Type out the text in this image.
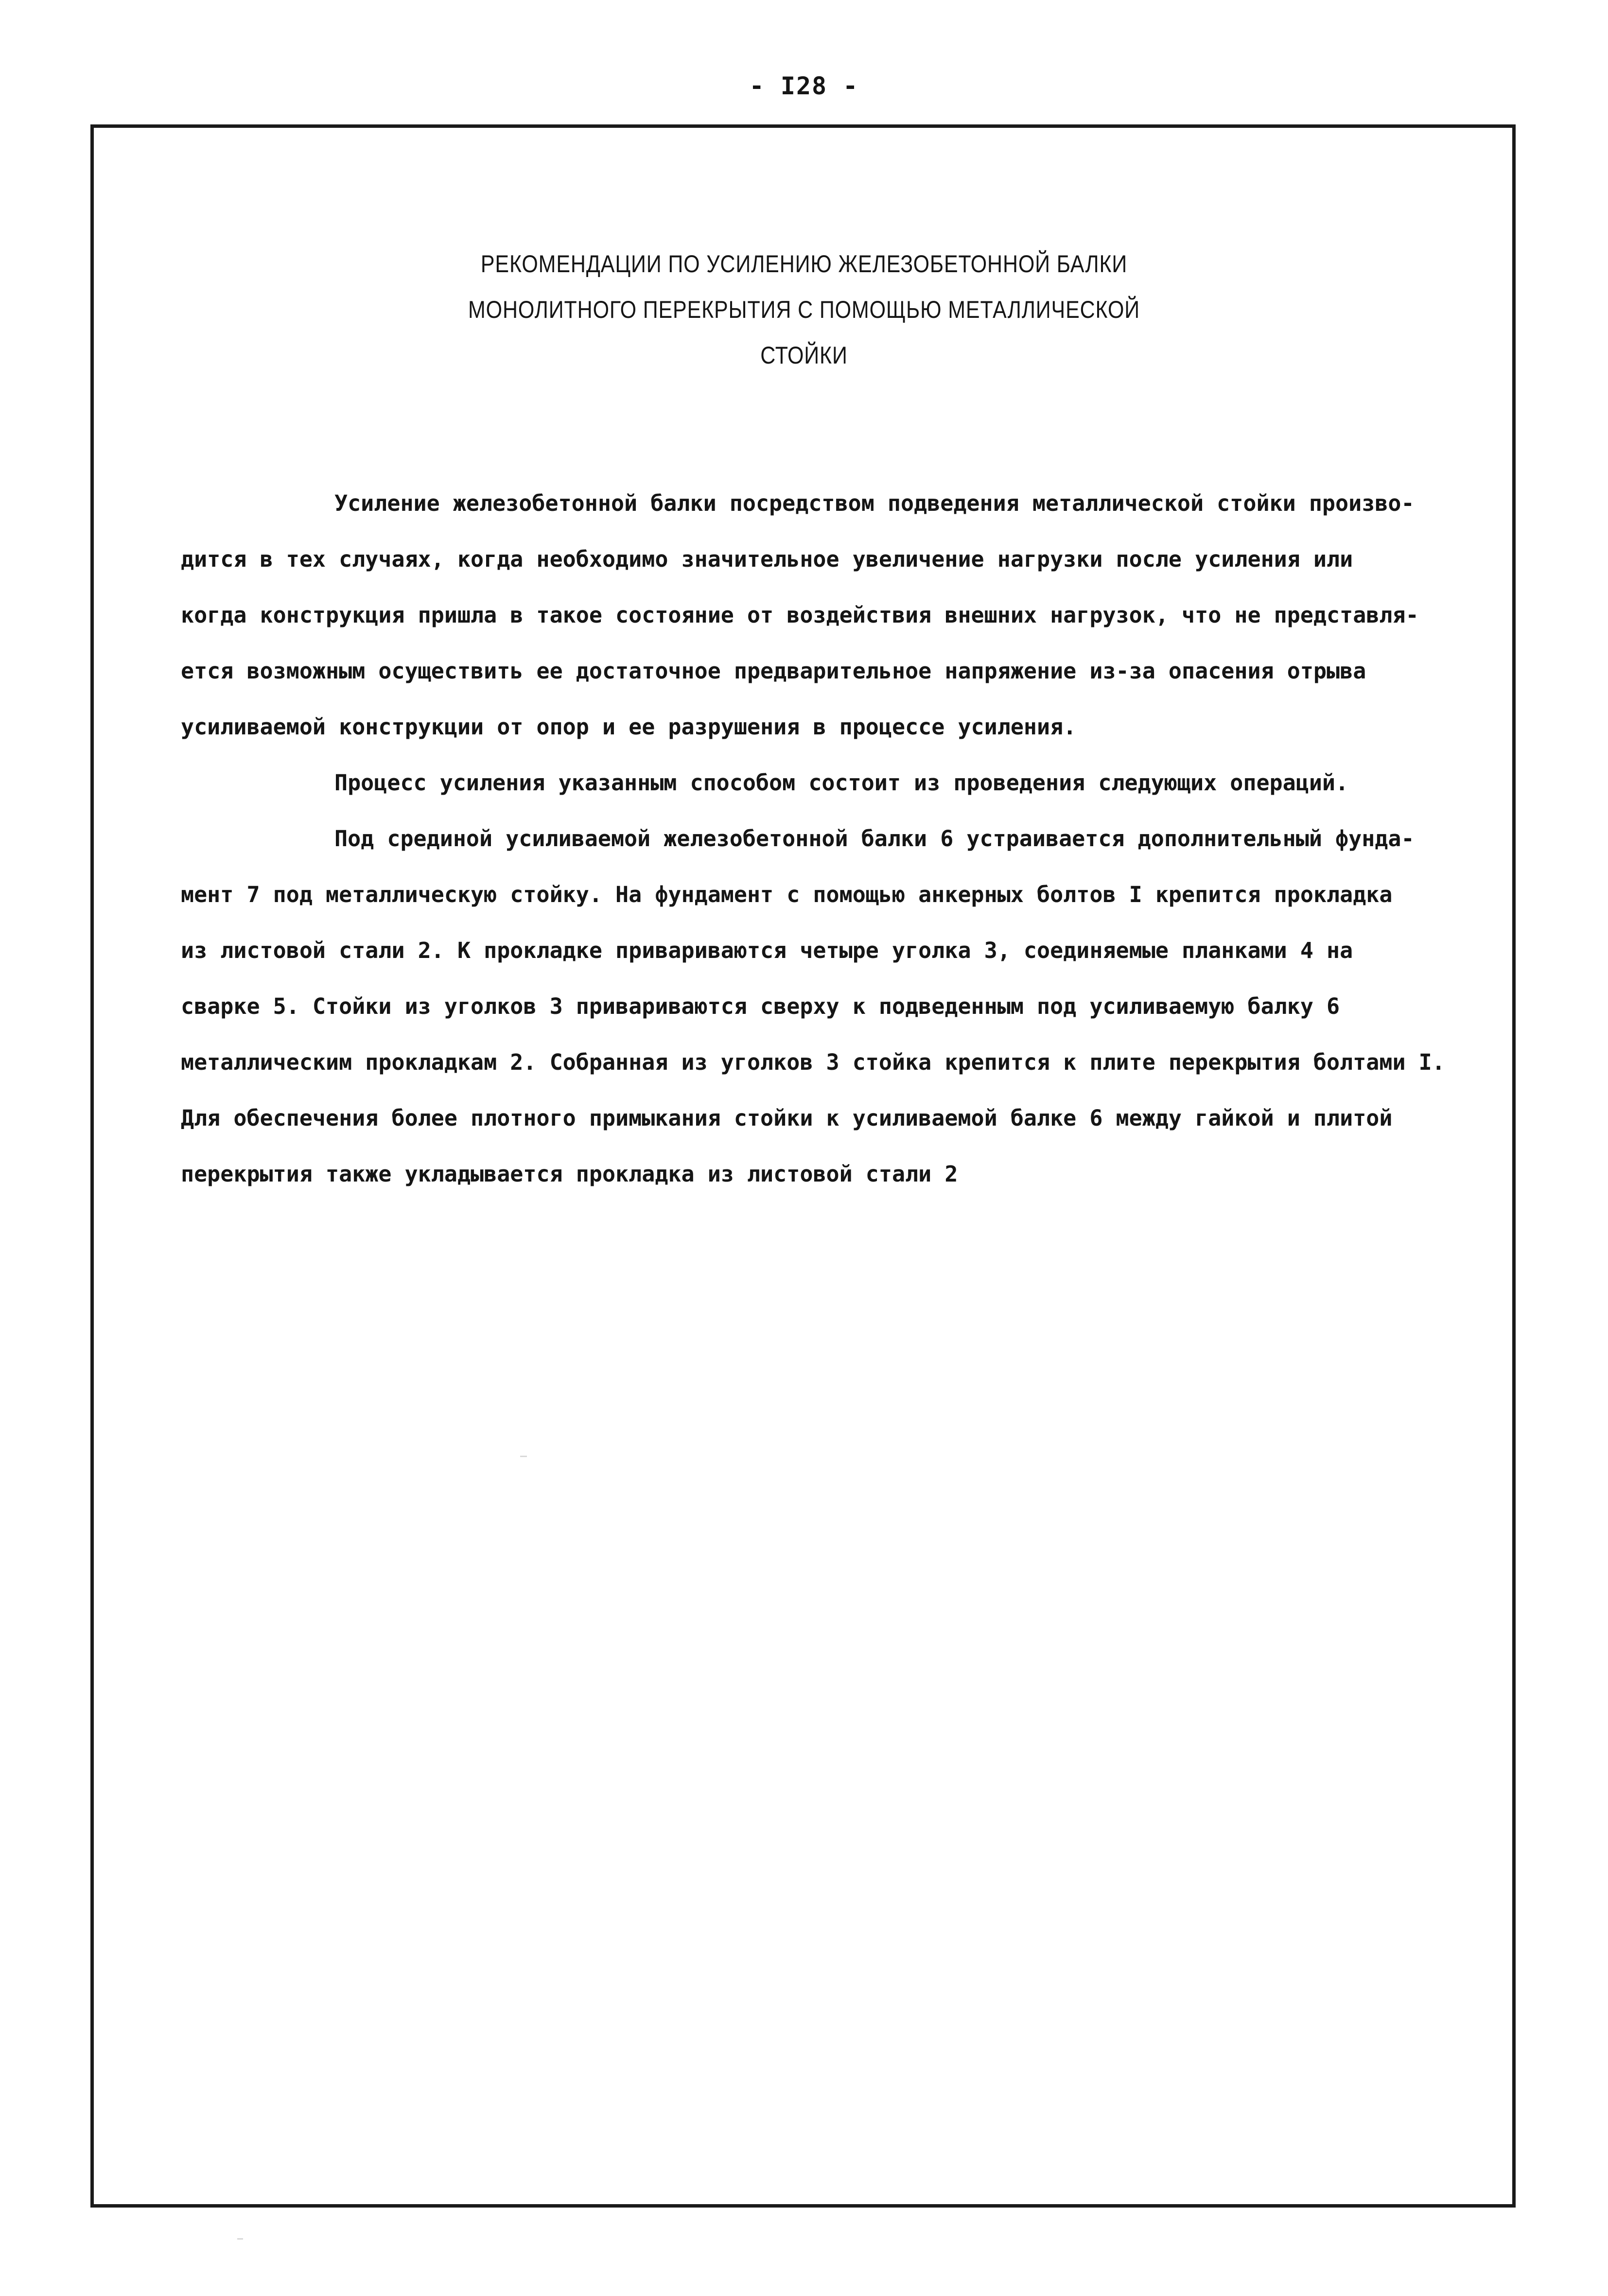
- I28 -
РЕКОМЕНДАЦИИ ПО УСИЛЕНИЮ ЖЕЛЕЗОБЕТОННОЙ БАЛКИ
МОНОЛИТНОГО ПЕРЕКРЫТИЯ С ПОМОЩЬЮ МЕТАЛЛИЧЕСКОЙ
СТОЙКИ
Усиление железобетонной балки посредством подведения металлической стойки произво-
дится в тех случаях, когда необходимо значительное увеличение нагрузки после усиления или
когда конструкция пришла в такое состояние от воздействия внешних нагрузок, что не представля-
ется возможным осуществить ее достаточное предварительное напряжение из-за опасения отрыва
усиливаемой конструкции от опор и ее разрушения в процессе усиления.
Процесс усиления указанным способом состоит из проведения следующих операций.
Под срединой усиливаемой железобетонной балки 6 устраивается дополнительный фунда-
мент 7 под металлическую стойку. На фундамент с помощью анкерных болтов I крепится прокладка
из листовой стали 2. К прокладке привариваются четыре уголка 3, соединяемые планками 4 на
сварке 5. Стойки из уголков 3 привариваются сверху к подведенным под усиливаемую балку 6
металлическим прокладкам 2. Собранная из уголков 3 стойка крепится к плите перекрытия болтами I.
Для обеспечения более плотного примыкания стойки к усиливаемой балке 6 между гайкой и плитой
перекрытия также укладывается прокладка из листовой стали 2
